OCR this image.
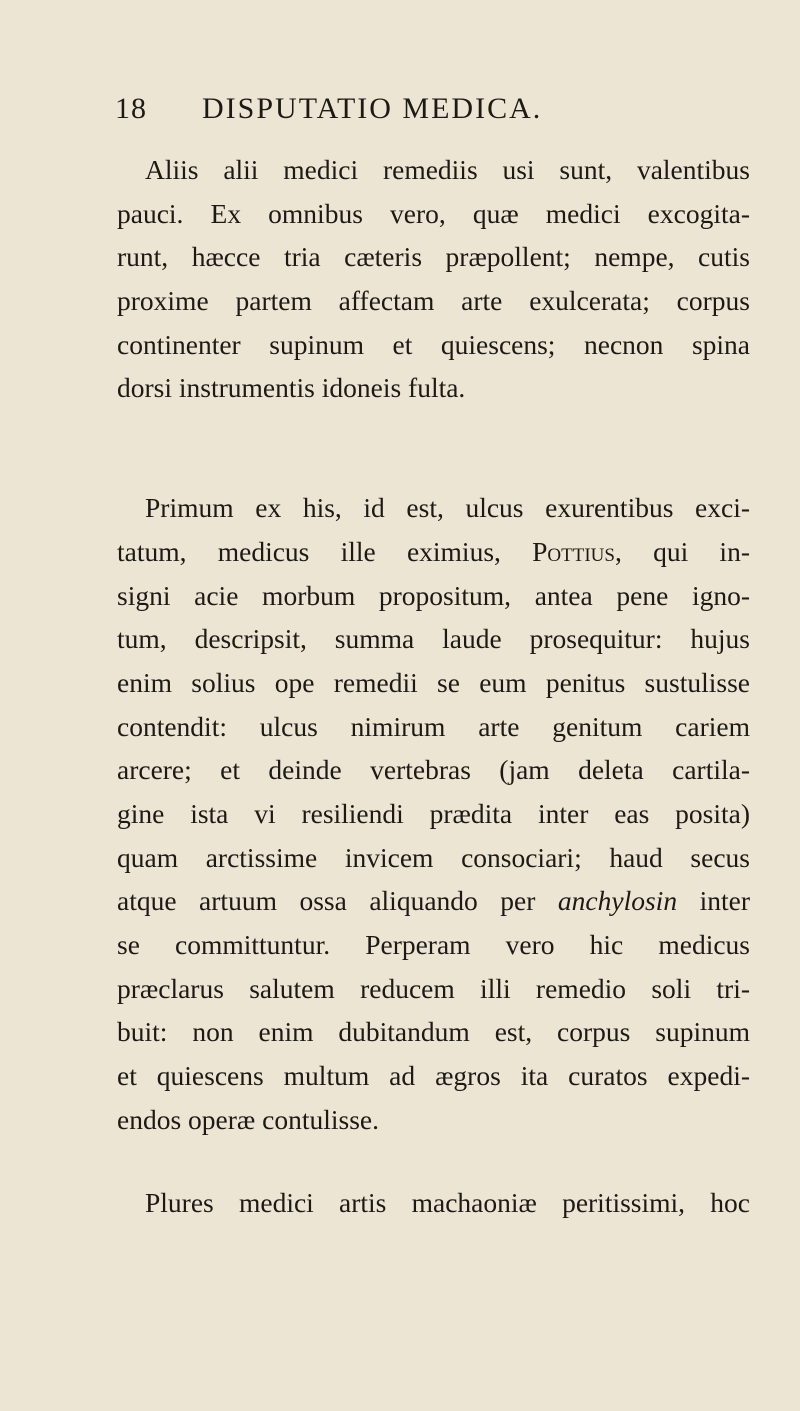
18 DISPUTATIO MEDICA.
Aliis alii medici remediis usi sunt, valentibus
pauci. Ex omnibus vero, quæ medici excogita-
runt, hæcce tria cæteris præpollent; nempe, cutis
proxime partem affectam arte exulcerata; corpus
continenter supinum et quiescens; necnon spina
dorsi instrumentis idoneis fulta.
Primum ex his, id est, ulcus exurentibus exci-
tatum, medicus ille eximius, Pottius, qui in-
signi acie morbum propositum, antea pene igno-
tum, descripsit, summa laude prosequitur: hujus
enim solius ope remedii se eum penitus sustulisse
contendit: ulcus nimirum arte genitum cariem
arcere; et deinde vertebras (jam deleta cartila-
gine ista vi resiliendi prædita inter eas posita)
quam arctissime invicem consociari; haud secus
atque artuum ossa aliquando per anchylosin inter
se committuntur. Perperam vero hic medicus
præclarus salutem reducem illi remedio soli tri-
buit: non enim dubitandum est, corpus supinum
et quiescens multum ad ægros ita curatos expedi-
endos operæ contulisse.
Plures medici artis machaoniæ peritissimi, hoc
